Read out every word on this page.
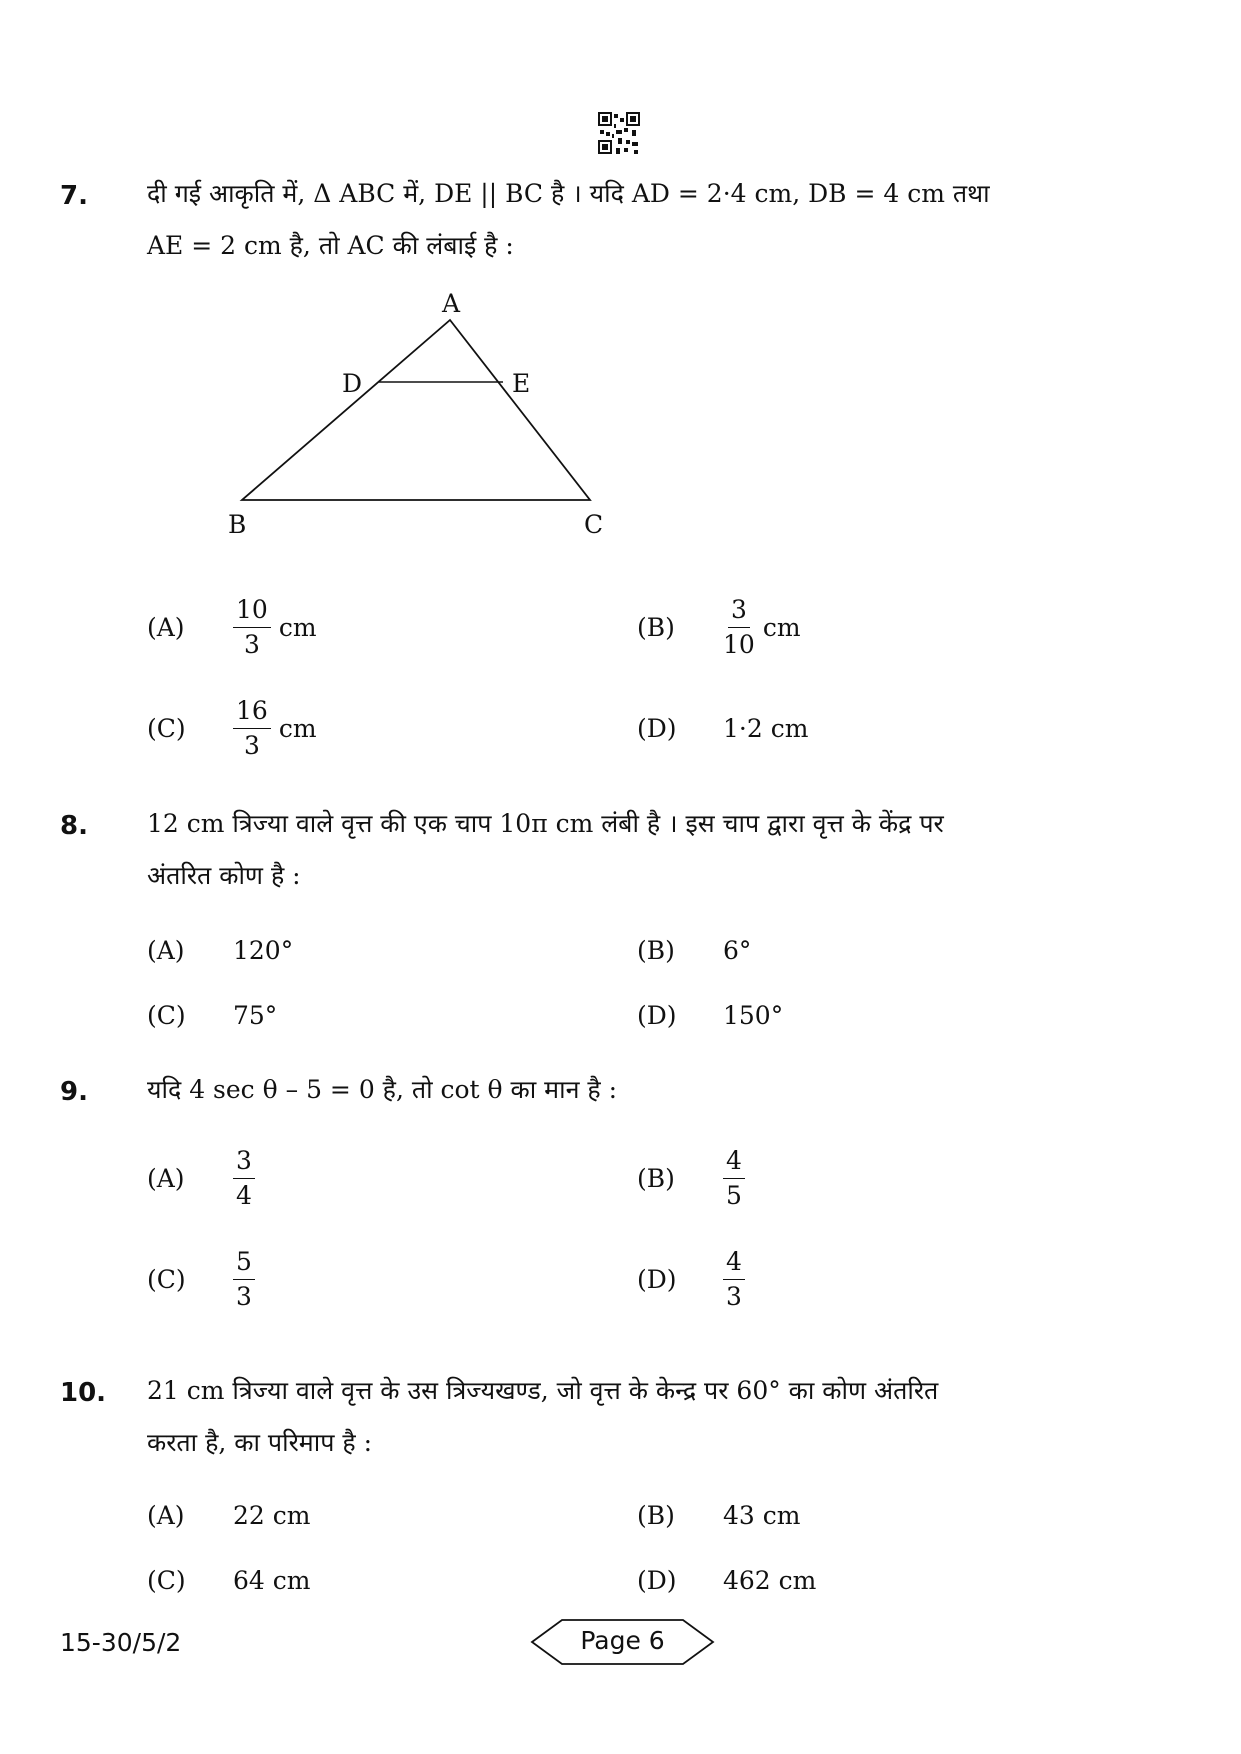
7. दी गई आकृति में, Δ ABC में, DE || BC है । यदि AD = 2·4 cm, DB = 4 cm तथा
AE = 2 cm है, तो AC की लंबाई है :
A
D	E
B	C
(A)	$\frac{10}{3}$ cm	(B)	$\frac{3}{10}$ cm
(C)	$\frac{16}{3}$ cm	(D)	1·2 cm
8. 12 cm त्रिज्या वाले वृत्त की एक चाप 10π cm लंबी है । इस चाप द्वारा वृत्त के केंद्र पर
अंतरित कोण है :
(A)	120°	(B)	6°
(C)	75°	(D)	150°
9. यदि 4 sec θ – 5 = 0 है, तो cot θ का मान है :
(A)	$\frac{3}{4}$	(B)	$\frac{4}{5}$
(C)	$\frac{5}{3}$	(D)	$\frac{4}{3}$
10. 21 cm त्रिज्या वाले वृत्त के उस त्रिज्यखण्ड, जो वृत्त के केन्द्र पर 60° का कोण अंतरित
करता है, का परिमाप है :
(A)	22 cm	(B)	43 cm
(C)	64 cm	(D)	462 cm
15-30/5/2	Page 6
